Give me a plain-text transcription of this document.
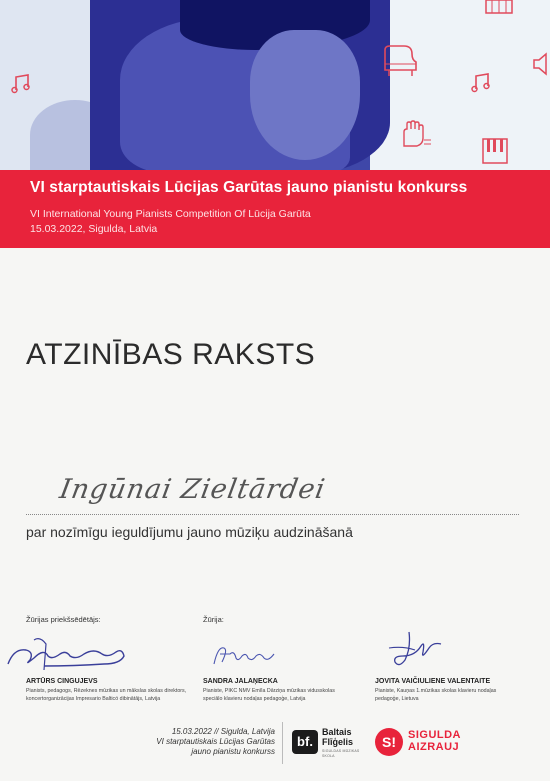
VI starptautiskais Lūcijas Garūtas jauno pianistu konkurss
VI International Young Pianists Competition Of Lūcija Garūta
15.03.2022, Sigulda, Latvia
ATZINĪBAS RAKSTS
Ingūnai Zieltārdei
par nozīmīgu ieguldījumu jauno mūziķu audzināšanā
Žūrijas priekšsēdētājs:	Žūrija:
ARTŪRS CINGUJEVS
Pianists, pedagogs, Rēzeknes mūzikas un mākslas skolas direktors, koncertorganizācijas Impresario Balticó dibinātājs, Latvija
SANDRA JALAŅECKA
Pianiste, PIKC NMV Emīla Dārziņa mūzikas vidusskolas speciālo klavieru nodaļas pedagoģe, Latvija
JOVITA VAIČIULIENE VALENTAITE
Pianiste, Kauņas 1.mūzikas skolas klavieru nodaļas pedagoģe, Lietuva
15.03.2022 // Sigulda, Latvija
VI starptautiskais Lūcijas Garūtas
jauno pianistu konkurss
bf.
Baltais
Flīģelis
SIGULDAS MŪZIKAS SKOLA
S!	SIGULDA
AIZRAUJ
